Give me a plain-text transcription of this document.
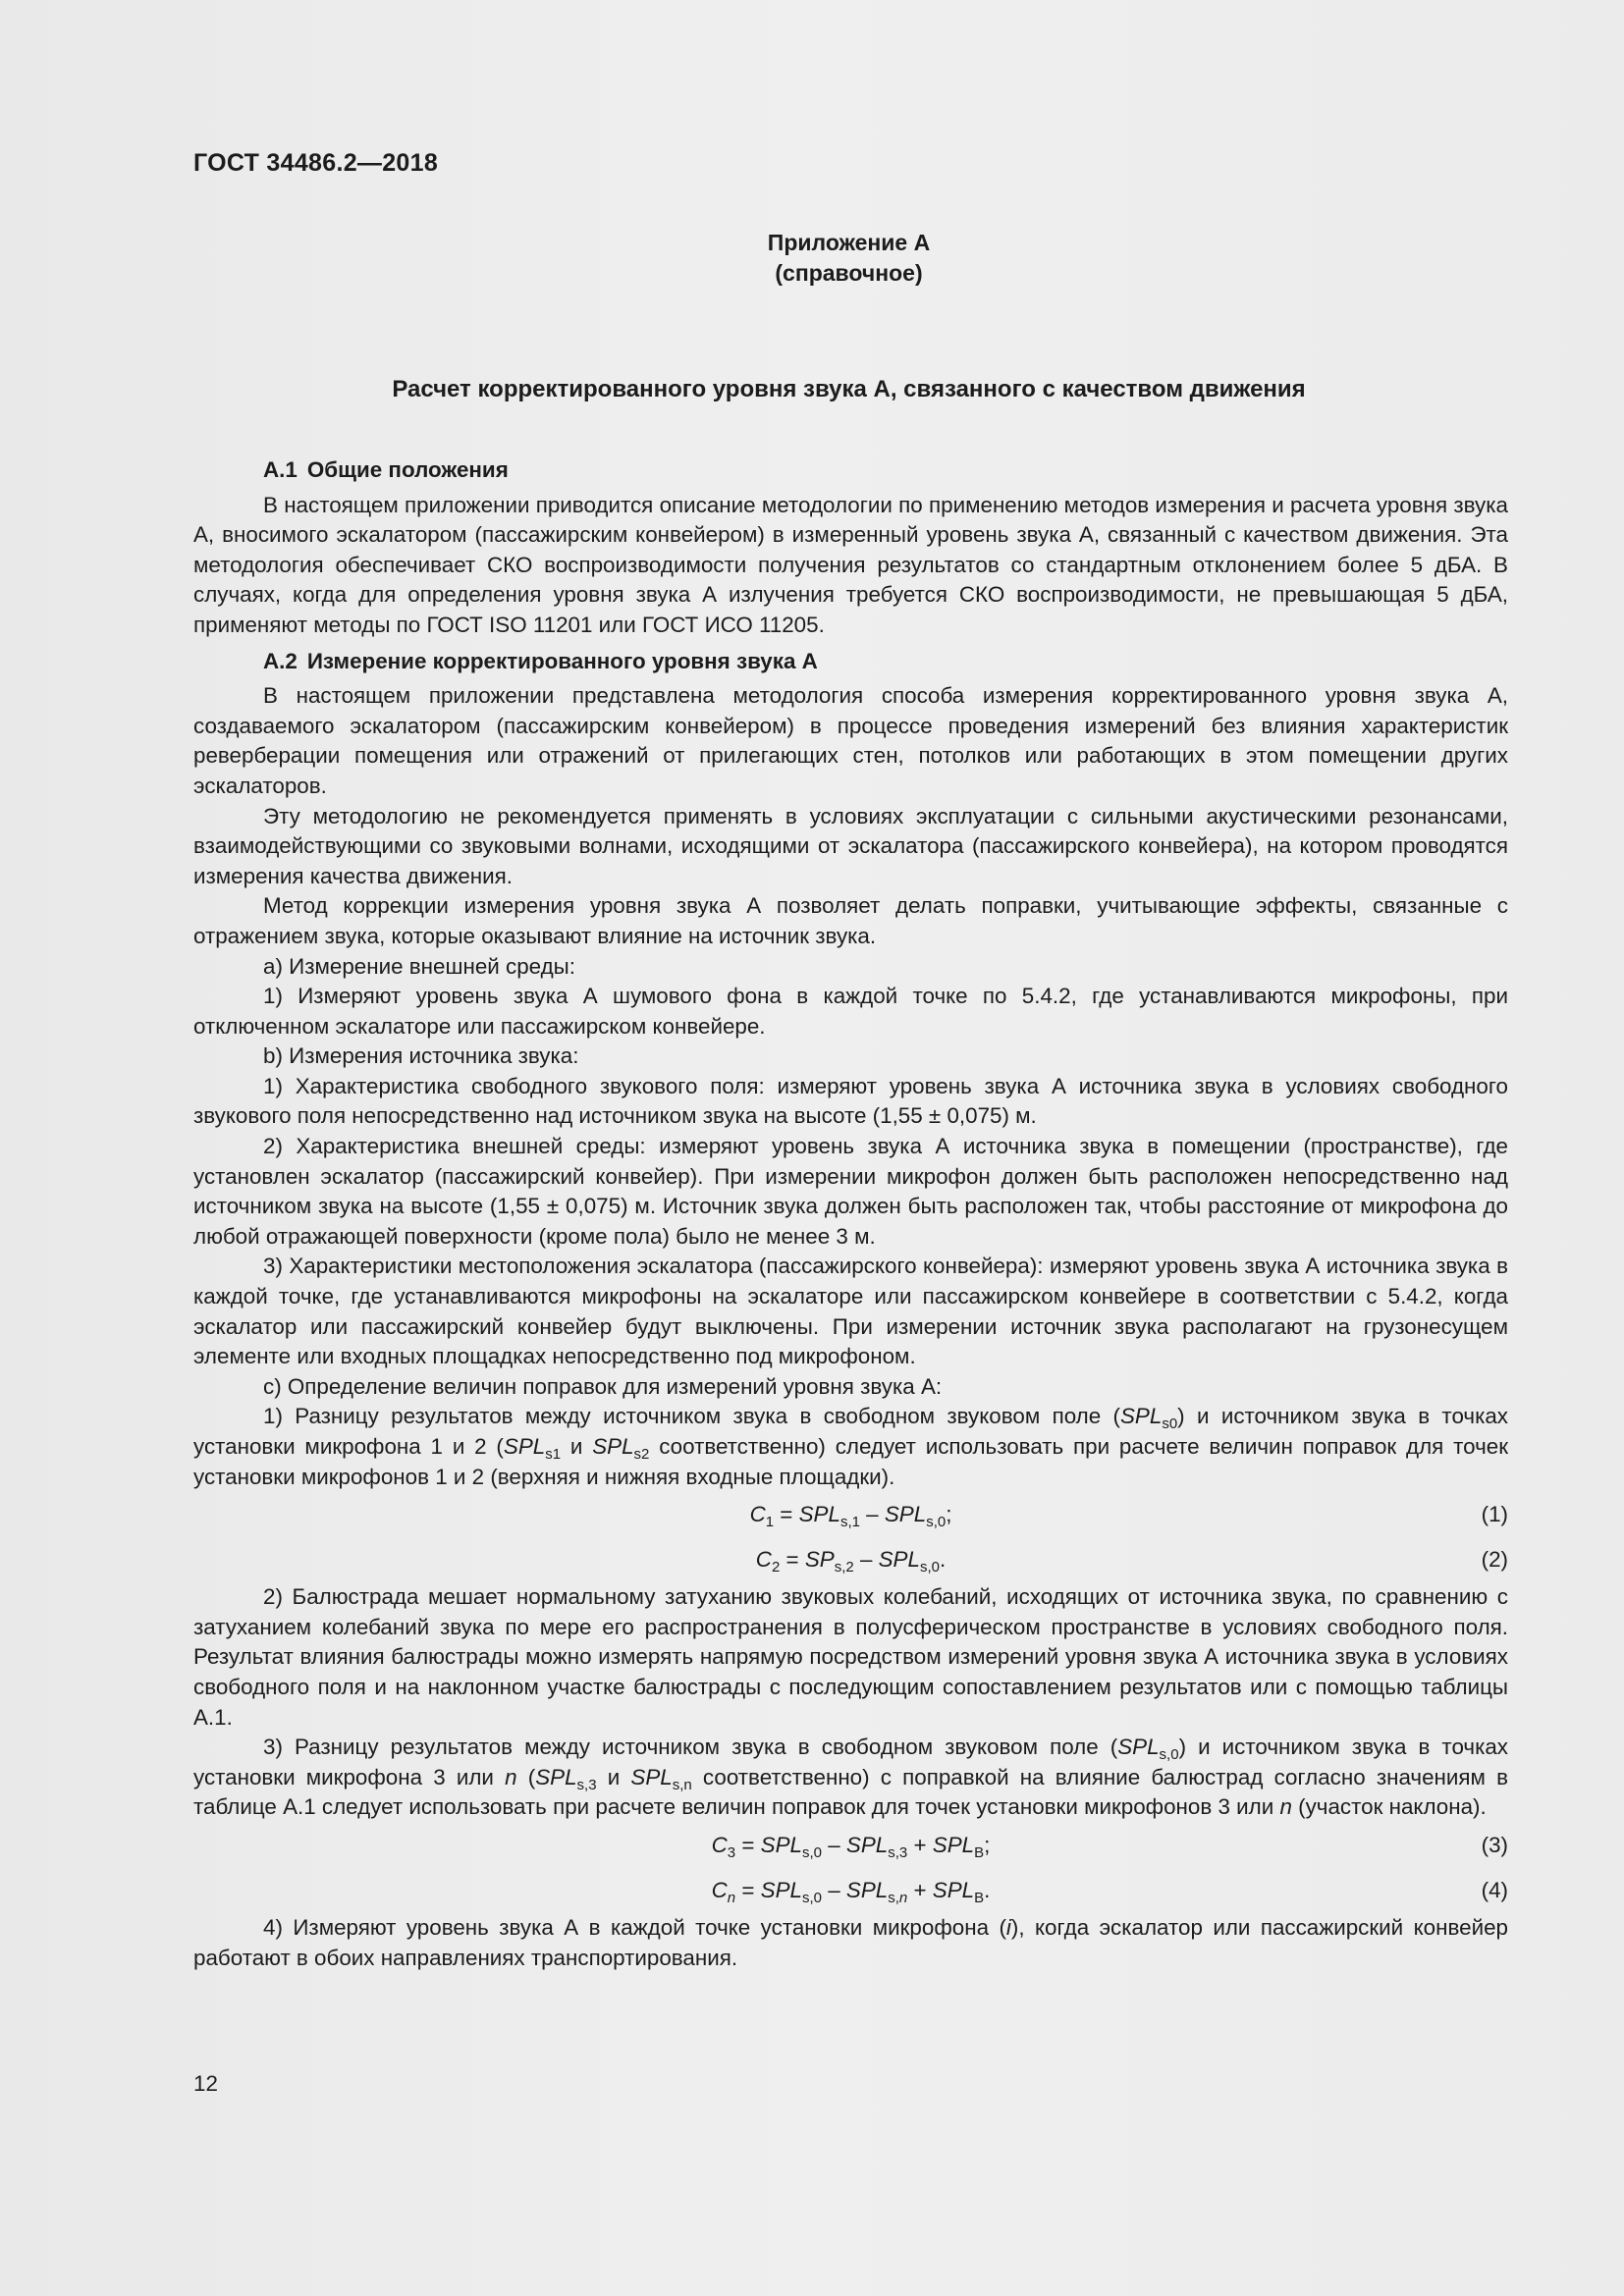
ГОСТ 34486.2—2018
Приложение А
(справочное)
Расчет корректированного уровня звука А, связанного с качеством движения
А.1 Общие положения

В настоящем приложении приводится описание методологии по применению методов измерения и расчета уровня звука А, вносимого эскалатором (пассажирским конвейером) в измеренный уровень звука А, связанный с качеством движения. Эта методология обеспечивает СКО воспроизводимости получения результатов со стандартным отклонением более 5 дБА. В случаях, когда для определения уровня звука А излучения требуется СКО воспроизводимости, не превышающая 5 дБА, применяют методы по ГОСТ ISO 11201 или ГОСТ ИСО 11205.

А.2 Измерение корректированного уровня звука А

В настоящем приложении представлена методология способа измерения корректированного уровня звука А, создаваемого эскалатором (пассажирским конвейером) в процессе проведения измерений без влияния характеристик реверберации помещения или отражений от прилегающих стен, потолков или работающих в этом помещении других эскалаторов.

Эту методологию не рекомендуется применять в условиях эксплуатации с сильными акустическими резонансами, взаимодействующими со звуковыми волнами, исходящими от эскалатора (пассажирского конвейера), на котором проводятся измерения качества движения.

Метод коррекции измерения уровня звука А позволяет делать поправки, учитывающие эффекты, связанные с отражением звука, которые оказывают влияние на источник звука.

a) Измерение внешней среды:

1) Измеряют уровень звука А шумового фона в каждой точке по 5.4.2, где устанавливаются микрофоны, при отключенном эскалаторе или пассажирском конвейере.

b) Измерения источника звука:

1) Характеристика свободного звукового поля: измеряют уровень звука А источника звука в условиях свободного звукового поля непосредственно над источником звука на высоте (1,55 ± 0,075) м.

2) Характеристика внешней среды: измеряют уровень звука А источника звука в помещении (пространстве), где установлен эскалатор (пассажирский конвейер). При измерении микрофон должен быть расположен непосредственно над источником звука на высоте (1,55 ± 0,075) м. Источник звука должен быть расположен так, чтобы расстояние от микрофона до любой отражающей поверхности (кроме пола) было не менее 3 м.

3) Характеристики местоположения эскалатора (пассажирского конвейера): измеряют уровень звука А источника звука в каждой точке, где устанавливаются микрофоны на эскалаторе или пассажирском конвейере в соответствии с 5.4.2, когда эскалатор или пассажирский конвейер будут выключены. При измерении источник звука располагают на грузонесущем элементе или входных площадках непосредственно под микрофоном.

c) Определение величин поправок для измерений уровня звука А:

1) Разницу результатов между источником звука в свободном звуковом поле $(SPL_{s0})$ и источником звука в точках установки микрофона 1 и 2 ($SPL_{s1}$ и $SPL_{s2}$ соответственно) следует использовать при расчете величин поправок для точек установки микрофонов 1 и 2 (верхняя и нижняя входные площадки).

$C_1 = SPL_{s,1} - SPL_{s,0}$;	(1)
$C_2 = SP_{s,2} - SPL_{s,0}$.	(2)

2) Балюстрада мешает нормальному затуханию звуковых колебаний, исходящих от источника звука, по сравнению с затуханием колебаний звука по мере его распространения в полусферическом пространстве в условиях свободного поля. Результат влияния балюстрады можно измерять напрямую посредством измерений уровня звука А источника звука в условиях свободного поля и на наклонном участке балюстрады с последующим сопоставлением результатов или с помощью таблицы А.1.

3) Разницу результатов между источником звука в свободном звуковом поле $(SPL_{s,0})$ и источником звука в точках установки микрофона 3 или n ($SPL_{s,3}$ и $SPL_{s,n}$ соответственно) с поправкой на влияние балюстрад согласно значениям в таблице А.1 следует использовать при расчете величин поправок для точек установки микрофонов 3 или n (участок наклона).

$C_3 = SPL_{s,0} - SPL_{s,3} + SPL_B$;	(3)
$C_n = SPL_{s,0} - SPL_{s,n} + SPL_B$.	(4)

4) Измеряют уровень звука А в каждой точке установки микрофона (i), когда эскалатор или пассажирский конвейер работают в обоих направлениях транспортирования.

12
